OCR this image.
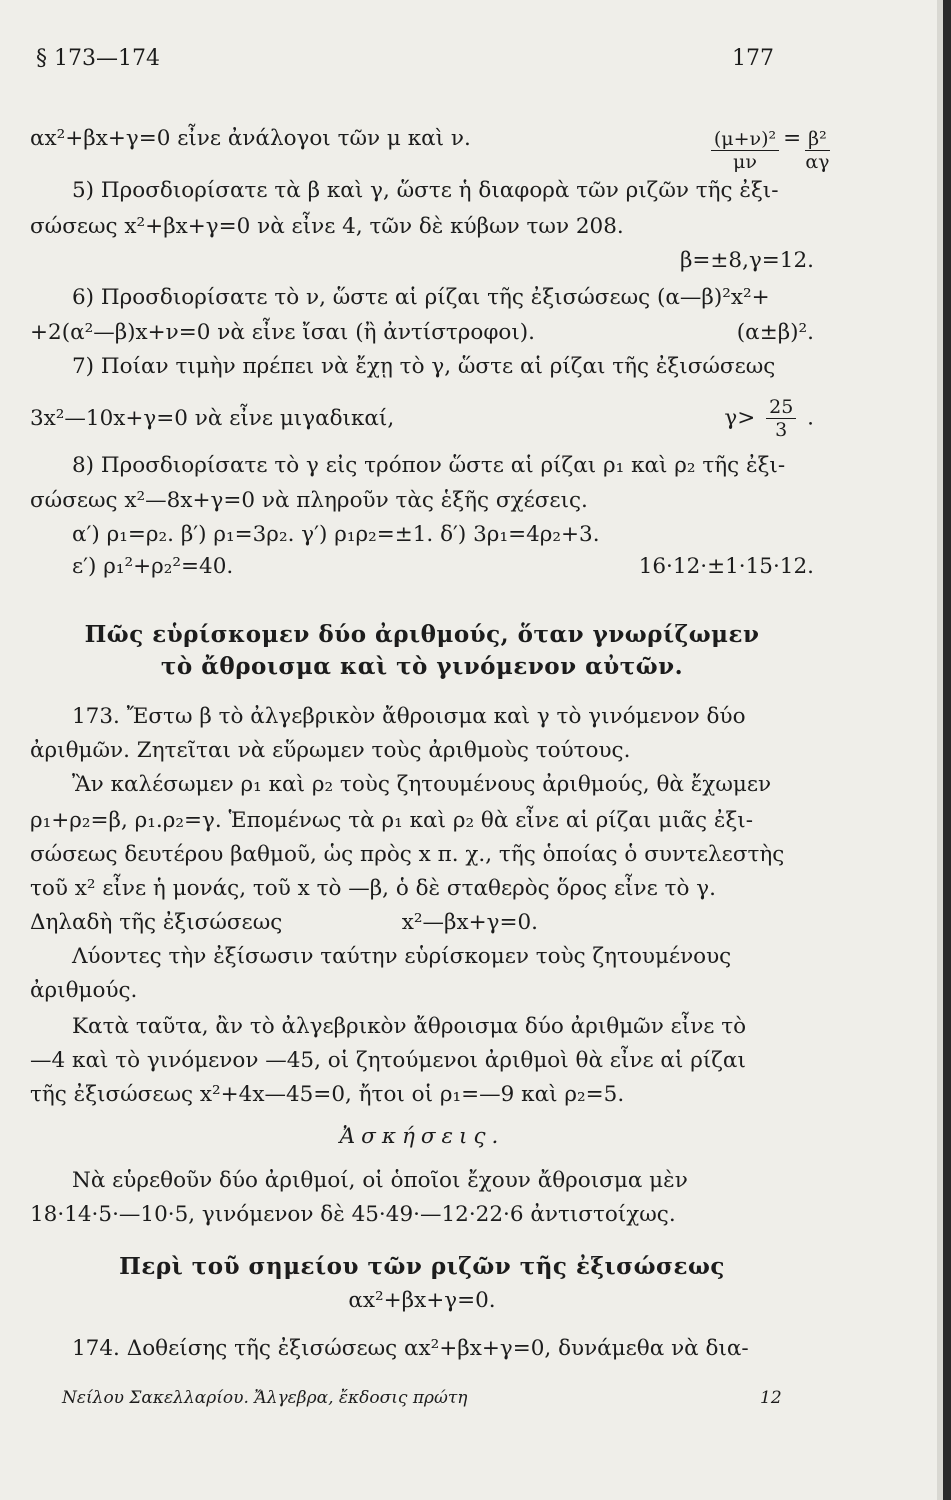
§ 173—174	177
αx²+βx+γ=0 εἶνε ἀνάλογοι τῶν μ καὶ ν.	$\frac{\text{(μ+ν)²}}{\mu\nu} = \frac{\text{β²}}{\alpha\gamma}$
5) Προσδιορίσατε τὰ β καὶ γ, ὥστε ἡ διαφορὰ τῶν ριζῶν τῆς ἐξι-
σώσεως x²+βx+γ=0 νὰ εἶνε 4, τῶν δὲ κύβων των 208.
β=±8,γ=12.
6) Προσδιορίσατε τὸ ν, ὥστε αἱ ρίζαι τῆς ἐξισώσεως (α—β)²x²+
+2(α²—β)x+ν=0 νὰ εἶνε ἴσαι (ἢ ἀντίστροφοι).	(α±β)².
7) Ποίαν τιμὴν πρέπει νὰ ἔχῃ τὸ γ, ὥστε αἱ ρίζαι τῆς ἐξισώσεως
3x²—10x+γ=0 νὰ εἶνε μιγαδικαί,	$\gamma> \frac{25}{3}$ .
8) Προσδιορίσατε τὸ γ εἰς τρόπον ὥστε αἱ ρίζαι ρ₁ καὶ ρ₂ τῆς ἐξι-
σώσεως x²—8x+γ=0 νὰ πληροῦν τὰς ἑξῆς σχέσεις.
α′) ρ₁=ρ₂. β′) ρ₁=3ρ₂. γ′) ρ₁ρ₂=±1. δ′) 3ρ₁=4ρ₂+3.
ε′) ρ₁²+ρ₂²=40.	16·12·±1·15·12.
Πῶς εὑρίσκομεν δύο ἀριθμούς, ὅταν γνωρίζωμεν
τὸ ἄθροισμα καὶ τὸ γινόμενον αὐτῶν.
173. Ἔστω β τὸ ἀλγεβρικὸν ἄθροισμα καὶ γ τὸ γινόμενον δύο
ἀριθμῶν. Ζητεῖται νὰ εὕρωμεν τοὺς ἀριθμοὺς τούτους.
Ἂν καλέσωμεν ρ₁ καὶ ρ₂ τοὺς ζητουμένους ἀριθμούς, θὰ ἔχωμεν
ρ₁+ρ₂=β, ρ₁.ρ₂=γ. Ἑπομένως τὰ ρ₁ καὶ ρ₂ θὰ εἶνε αἱ ρίζαι μιᾶς ἐξι-
σώσεως δευτέρου βαθμοῦ, ὡς πρὸς x π. χ., τῆς ὁποίας ὁ συντελεστὴς
τοῦ x² εἶνε ἡ μονάς, τοῦ x τὸ —β, ὁ δὲ σταθερὸς ὅρος εἶνε τὸ γ.
Δηλαδὴ τῆς ἐξισώσεως	x²—βx+γ=0.
Λύοντες τὴν ἐξίσωσιν ταύτην εὑρίσκομεν τοὺς ζητουμένους
ἀριθμούς.
Κατὰ ταῦτα, ἂν τὸ ἀλγεβρικὸν ἄθροισμα δύο ἀριθμῶν εἶνε τὸ
—4 καὶ τὸ γινόμενον —45, οἱ ζητούμενοι ἀριθμοὶ θὰ εἶνε αἱ ρίζαι
τῆς ἐξισώσεως x²+4x—45=0, ἤτοι οἱ ρ₁=—9 καὶ ρ₂=5.
Ἀσκήσεις.
Νὰ εὑρεθοῦν δύο ἀριθμοί, οἱ ὁποῖοι ἔχουν ἄθροισμα μὲν
18·14·5·—10·5, γινόμενον δὲ 45·49·—12·22·6 ἀντιστοίχως.
Περὶ τοῦ σημείου τῶν ριζῶν τῆς ἐξισώσεως
αx²+βx+γ=0.
174. Δοθείσης τῆς ἐξισώσεως αx²+βx+γ=0, δυνάμεθα νὰ δια-
Νείλου Σακελλαρίου. Ἄλγεβρα, ἔκδοσις πρώτη	12
